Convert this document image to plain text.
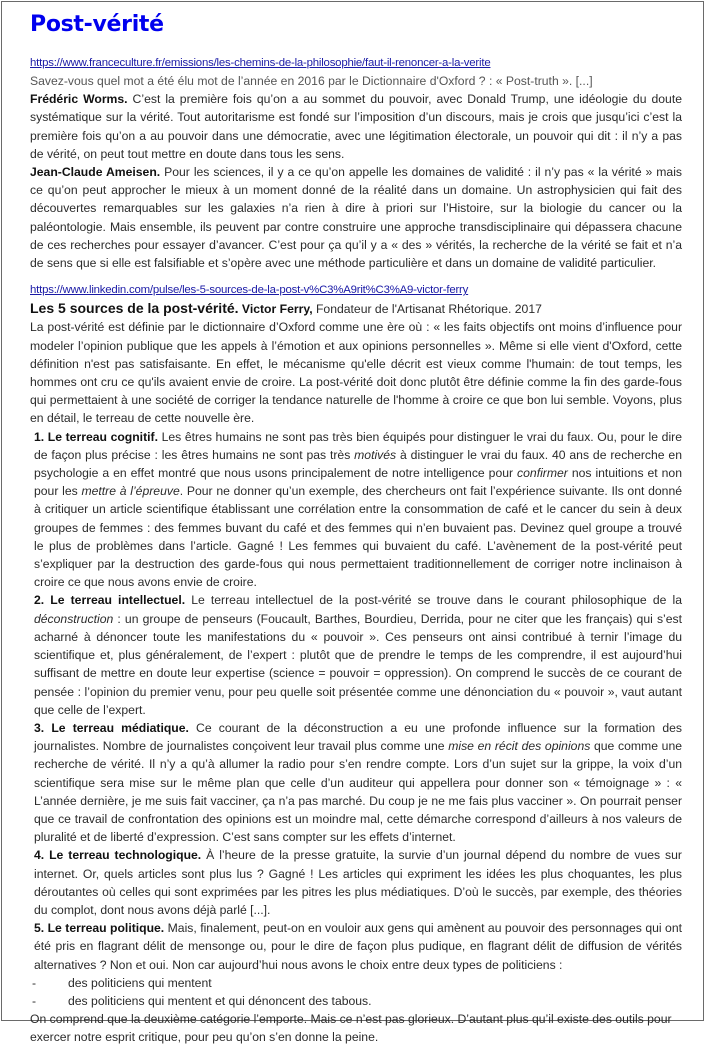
Post-vérité
https://www.franceculture.fr/emissions/les-chemins-de-la-philosophie/faut-il-renoncer-a-la-verite

Savez-vous quel mot a été élu mot de l’année en 2016 par le Dictionnaire d'Oxford ? : « Post-truth ». [...]

Frédéric Worms. C’est la première fois qu’on a au sommet du pouvoir, avec Donald Trump, une idéologie du doute systématique sur la vérité. Tout autoritarisme est fondé sur l’imposition d’un discours, mais je crois que jusqu’ici c’est la première fois qu’on a au pouvoir dans une démocratie, avec une légitimation électorale, un pouvoir qui dit : il n’y a pas de vérité, on peut tout mettre en doute dans tous les sens.

Jean-Claude Ameisen. Pour les sciences, il y a ce qu’on appelle les domaines de validité : il n’y pas « la vérité » mais ce qu’on peut approcher le mieux à un moment donné de la réalité dans un domaine. Un astrophysicien qui fait des découvertes remarquables sur les galaxies n’a rien à dire à priori sur l’Histoire, sur la biologie du cancer ou la paléontologie. Mais ensemble, ils peuvent par contre construire une approche transdisciplinaire qui dépassera chacune de ces recherches pour essayer d’avancer. C’est pour ça qu’il y a « des » vérités, la recherche de la vérité se fait et n’a de sens que si elle est falsifiable et s’opère avec une méthode particulière et dans un domaine de validité particulier.

https://www.linkedin.com/pulse/les-5-sources-de-la-post-v%C3%A9rit%C3%A9-victor-ferry

Les 5 sources de la post-vérité. Victor Ferry, Fondateur de l'Artisanat Rhétorique. 2017

La post-vérité est définie par le dictionnaire d’Oxford comme une ère où : « les faits objectifs ont moins d’influence pour modeler l’opinion publique que les appels à l’émotion et aux opinions personnelles ». Même si elle vient d'Oxford, cette définition n'est pas satisfaisante. En effet, le mécanisme qu'elle décrit est vieux comme l'humain: de tout temps, les hommes ont cru ce qu'ils avaient envie de croire. La post-vérité doit donc plutôt être définie comme la fin des garde-fous qui permettaient à une société de corriger la tendance naturelle de l'homme à croire ce que bon lui semble. Voyons, plus en détail, le terreau de cette nouvelle ère.

1. Le terreau cognitif. Les êtres humains ne sont pas très bien équipés pour distinguer le vrai du faux. Ou, pour le dire de façon plus précise : les êtres humains ne sont pas très motivés à distinguer le vrai du faux. 40 ans de recherche en psychologie a en effet montré que nous usons principalement de notre intelligence pour confirmer nos intuitions et non pour les mettre à l’épreuve. Pour ne donner qu’un exemple, des chercheurs ont fait l’expérience suivante. Ils ont donné à critiquer un article scientifique établissant une corrélation entre la consommation de café et le cancer du sein à deux groupes de femmes : des femmes buvant du café et des femmes qui n’en buvaient pas. Devinez quel groupe a trouvé le plus de problèmes dans l’article. Gagné ! Les femmes qui buvaient du café. L’avènement de la post-vérité peut s’expliquer par la destruction des garde-fous qui nous permettaient traditionnellement de corriger notre inclinaison à croire ce que nous avons envie de croire.

2. Le terreau intellectuel. Le terreau intellectuel de la post-vérité se trouve dans le courant philosophique de la déconstruction : un groupe de penseurs (Foucault, Barthes, Bourdieu, Derrida, pour ne citer que les français) qui s’est acharné à dénoncer toute les manifestations du « pouvoir ». Ces penseurs ont ainsi contribué à ternir l’image du scientifique et, plus généralement, de l’expert : plutôt que de prendre le temps de les comprendre, il est aujourd’hui suffisant de mettre en doute leur expertise (science = pouvoir = oppression). On comprend le succès de ce courant de pensée : l’opinion du premier venu, pour peu quelle soit présentée comme une dénonciation du « pouvoir », vaut autant que celle de l’expert.

3. Le terreau médiatique. Ce courant de la déconstruction a eu une profonde influence sur la formation des journalistes. Nombre de journalistes conçoivent leur travail plus comme une mise en récit des opinions que comme une recherche de vérité. Il n’y a qu’à allumer la radio pour s’en rendre compte. Lors d’un sujet sur la grippe, la voix d’un scientifique sera mise sur le même plan que celle d’un auditeur qui appellera pour donner son « témoignage » : « L’année dernière, je me suis fait vacciner, ça n’a pas marché. Du coup je ne me fais plus vacciner ». On pourrait penser que ce travail de confrontation des opinions est un moindre mal, cette démarche correspond d’ailleurs à nos valeurs de pluralité et de liberté d’expression. C’est sans compter sur les effets d’internet.

4. Le terreau technologique. À l’heure de la presse gratuite, la survie d’un journal dépend du nombre de vues sur internet. Or, quels articles sont plus lus ? Gagné ! Les articles qui expriment les idées les plus choquantes, les plus déroutantes où celles qui sont exprimées par les pitres les plus médiatiques. D’où le succès, par exemple, des théories du complot, dont nous avons déjà parlé [...].

5. Le terreau politique. Mais, finalement, peut-on en vouloir aux gens qui amènent au pouvoir des personnages qui ont été pris en flagrant délit de mensonge ou, pour le dire de façon plus pudique, en flagrant délit de diffusion de vérités alternatives ? Non et oui. Non car aujourd’hui nous avons le choix entre deux types de politiciens :

-	des politiciens qui mentent
-	des politiciens qui mentent et qui dénoncent des tabous.

On comprend que la deuxième catégorie l’emporte. Mais ce n’est pas glorieux. D’autant plus qu’il existe des outils pour exercer notre esprit critique, pour peu qu’on s’en donne la peine.
